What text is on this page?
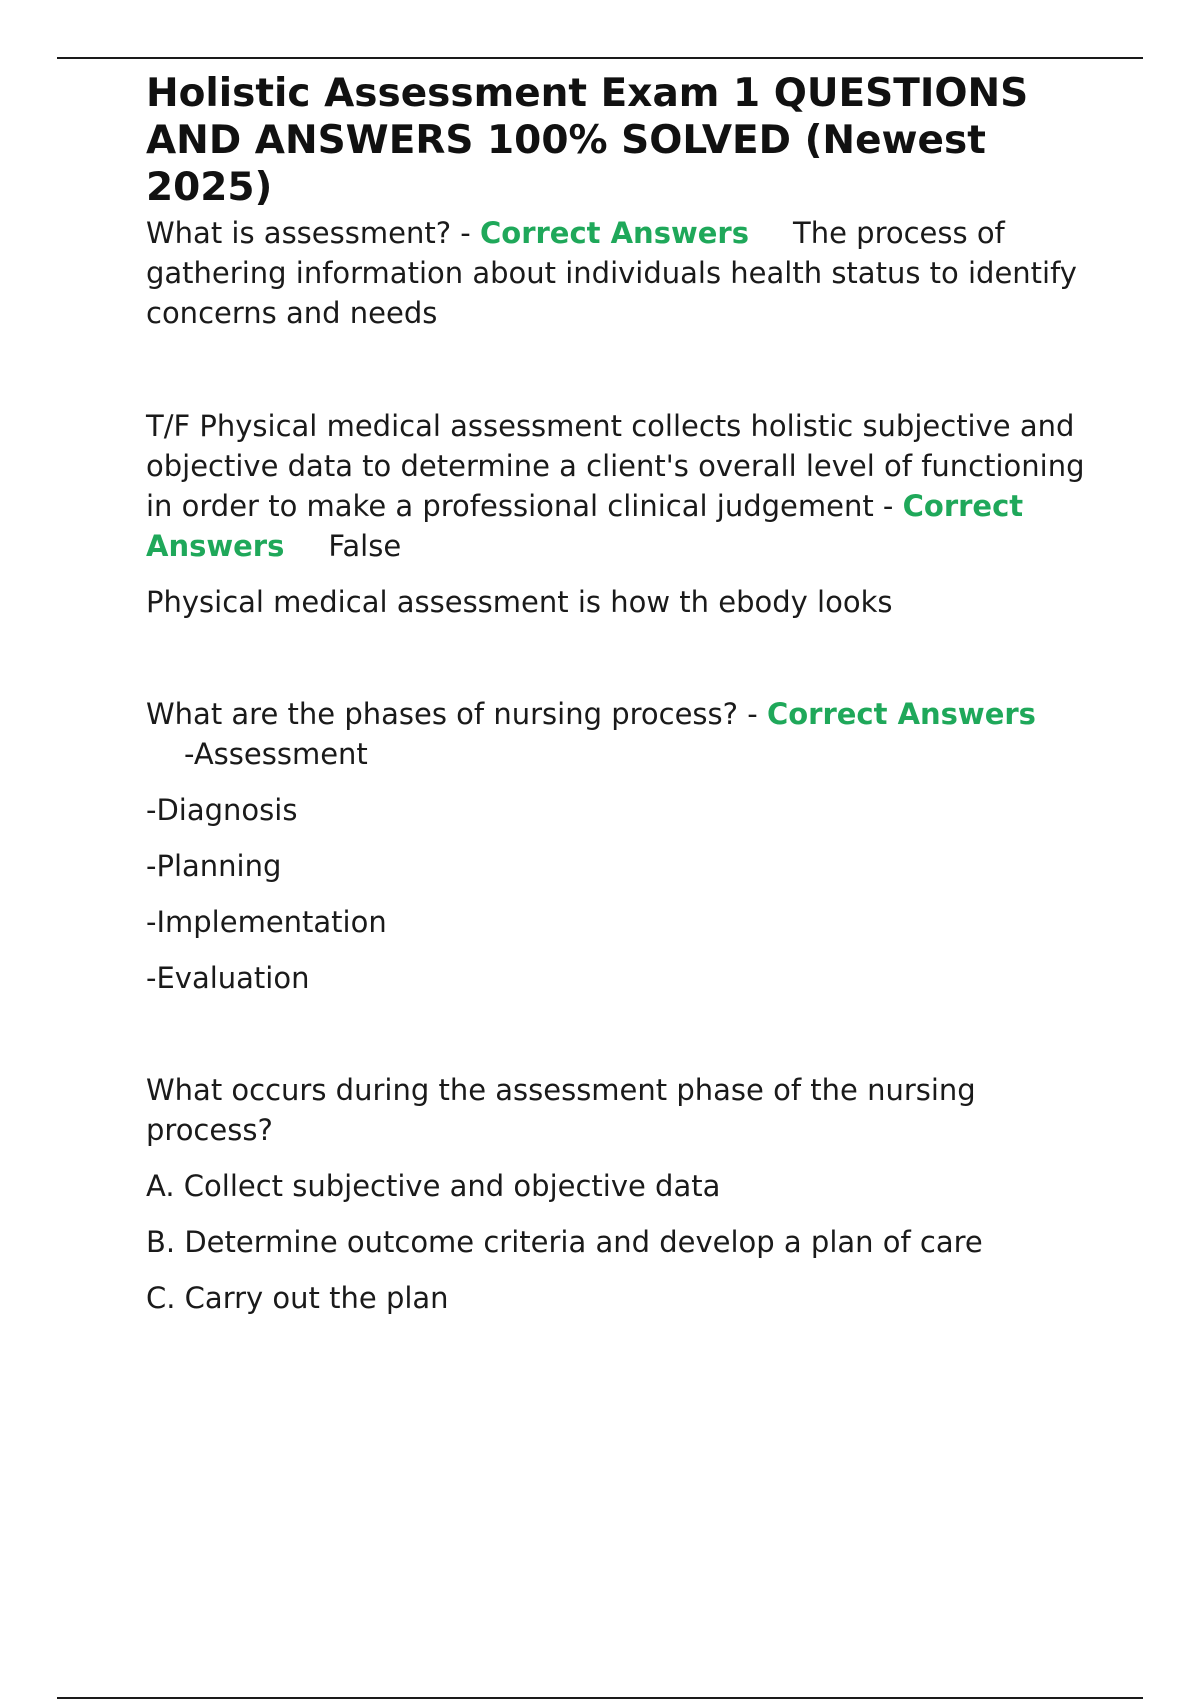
Holistic Assessment Exam 1 QUESTIONS AND ANSWERS 100% SOLVED (Newest 2025)

What is assessment? - Correct Answers The process of gathering information about individuals health status to identify concerns and needs

T/F Physical medical assessment collects holistic subjective and objective data to determine a client's overall level of functioning in order to make a professional clinical judgement - Correct Answers False

Physical medical assessment is how th ebody looks

What are the phases of nursing process? - Correct Answers

-Assessment

-Diagnosis

-Planning

-Implementation

-Evaluation

What occurs during the assessment phase of the nursing process?

A. Collect subjective and objective data

B. Determine outcome criteria and develop a plan of care

C. Carry out the plan
